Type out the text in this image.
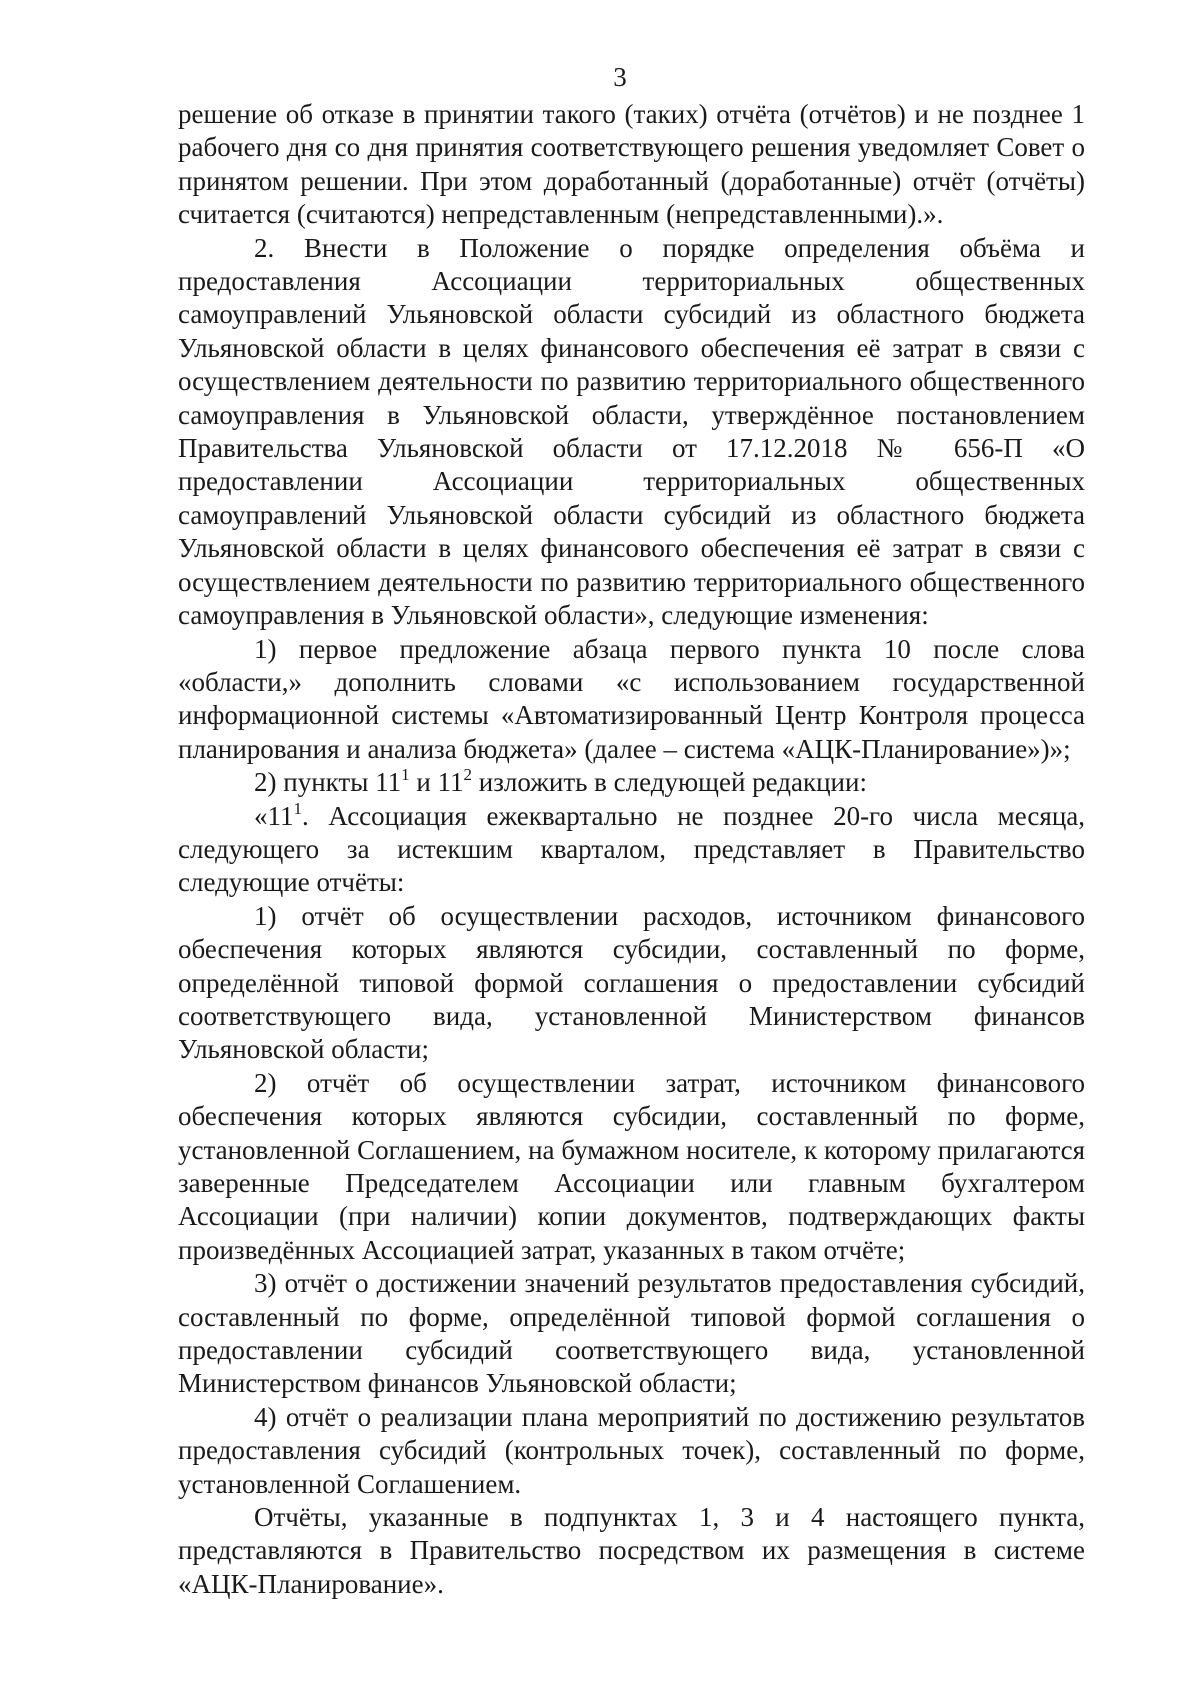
3

решение об отказе в принятии такого (таких) отчёта (отчётов) и не позднее 1 рабочего дня со дня принятия соответствующего решения уведомляет Совет о принятом решении. При этом доработанный (доработанные) отчёт (отчёты) считается (считаются) непредставленным (непредставленными).».

2. Внести в Положение о порядке определения объёма и предоставления Ассоциации территориальных общественных самоуправлений Ульяновской области субсидий из областного бюджета Ульяновской области в целях финансового обеспечения её затрат в связи с осуществлением деятельности по развитию территориального общественного самоуправления в Ульяновской области, утверждённое постановлением Правительства Ульяновской области от 17.12.2018 № 656-П «О предоставлении Ассоциации территориальных общественных самоуправлений Ульяновской области субсидий из областного бюджета Ульяновской области в целях финансового обеспечения её затрат в связи с осуществлением деятельности по развитию территориального общественного самоуправления в Ульяновской области», следующие изменения:

1) первое предложение абзаца первого пункта 10 после слова «области,» дополнить словами «с использованием государственной информационной системы «Автоматизированный Центр Контроля процесса планирования и анализа бюджета» (далее – система «АЦК-Планирование»)»;

2) пункты $11^1$ и $11^2$ изложить в следующей редакции:

«$11^1$. Ассоциация ежеквартально не позднее 20-го числа месяца, следующего за истекшим кварталом, представляет в Правительство следующие отчёты:

1) отчёт об осуществлении расходов, источником финансового обеспечения которых являются субсидии, составленный по форме, определённой типовой формой соглашения о предоставлении субсидий соответствующего вида, установленной Министерством финансов Ульяновской области;

2) отчёт об осуществлении затрат, источником финансового обеспечения которых являются субсидии, составленный по форме, установленной Соглашением, на бумажном носителе, к которому прилагаются заверенные Председателем Ассоциации или главным бухгалтером Ассоциации (при наличии) копии документов, подтверждающих факты произведённых Ассоциацией затрат, указанных в таком отчёте;

3) отчёт о достижении значений результатов предоставления субсидий, составленный по форме, определённой типовой формой соглашения о предоставлении субсидий соответствующего вида, установленной Министерством финансов Ульяновской области;

4) отчёт о реализации плана мероприятий по достижению результатов предоставления субсидий (контрольных точек), составленный по форме, установленной Соглашением.

Отчёты, указанные в подпунктах 1, 3 и 4 настоящего пункта, представляются в Правительство посредством их размещения в системе «АЦК-Планирование».
